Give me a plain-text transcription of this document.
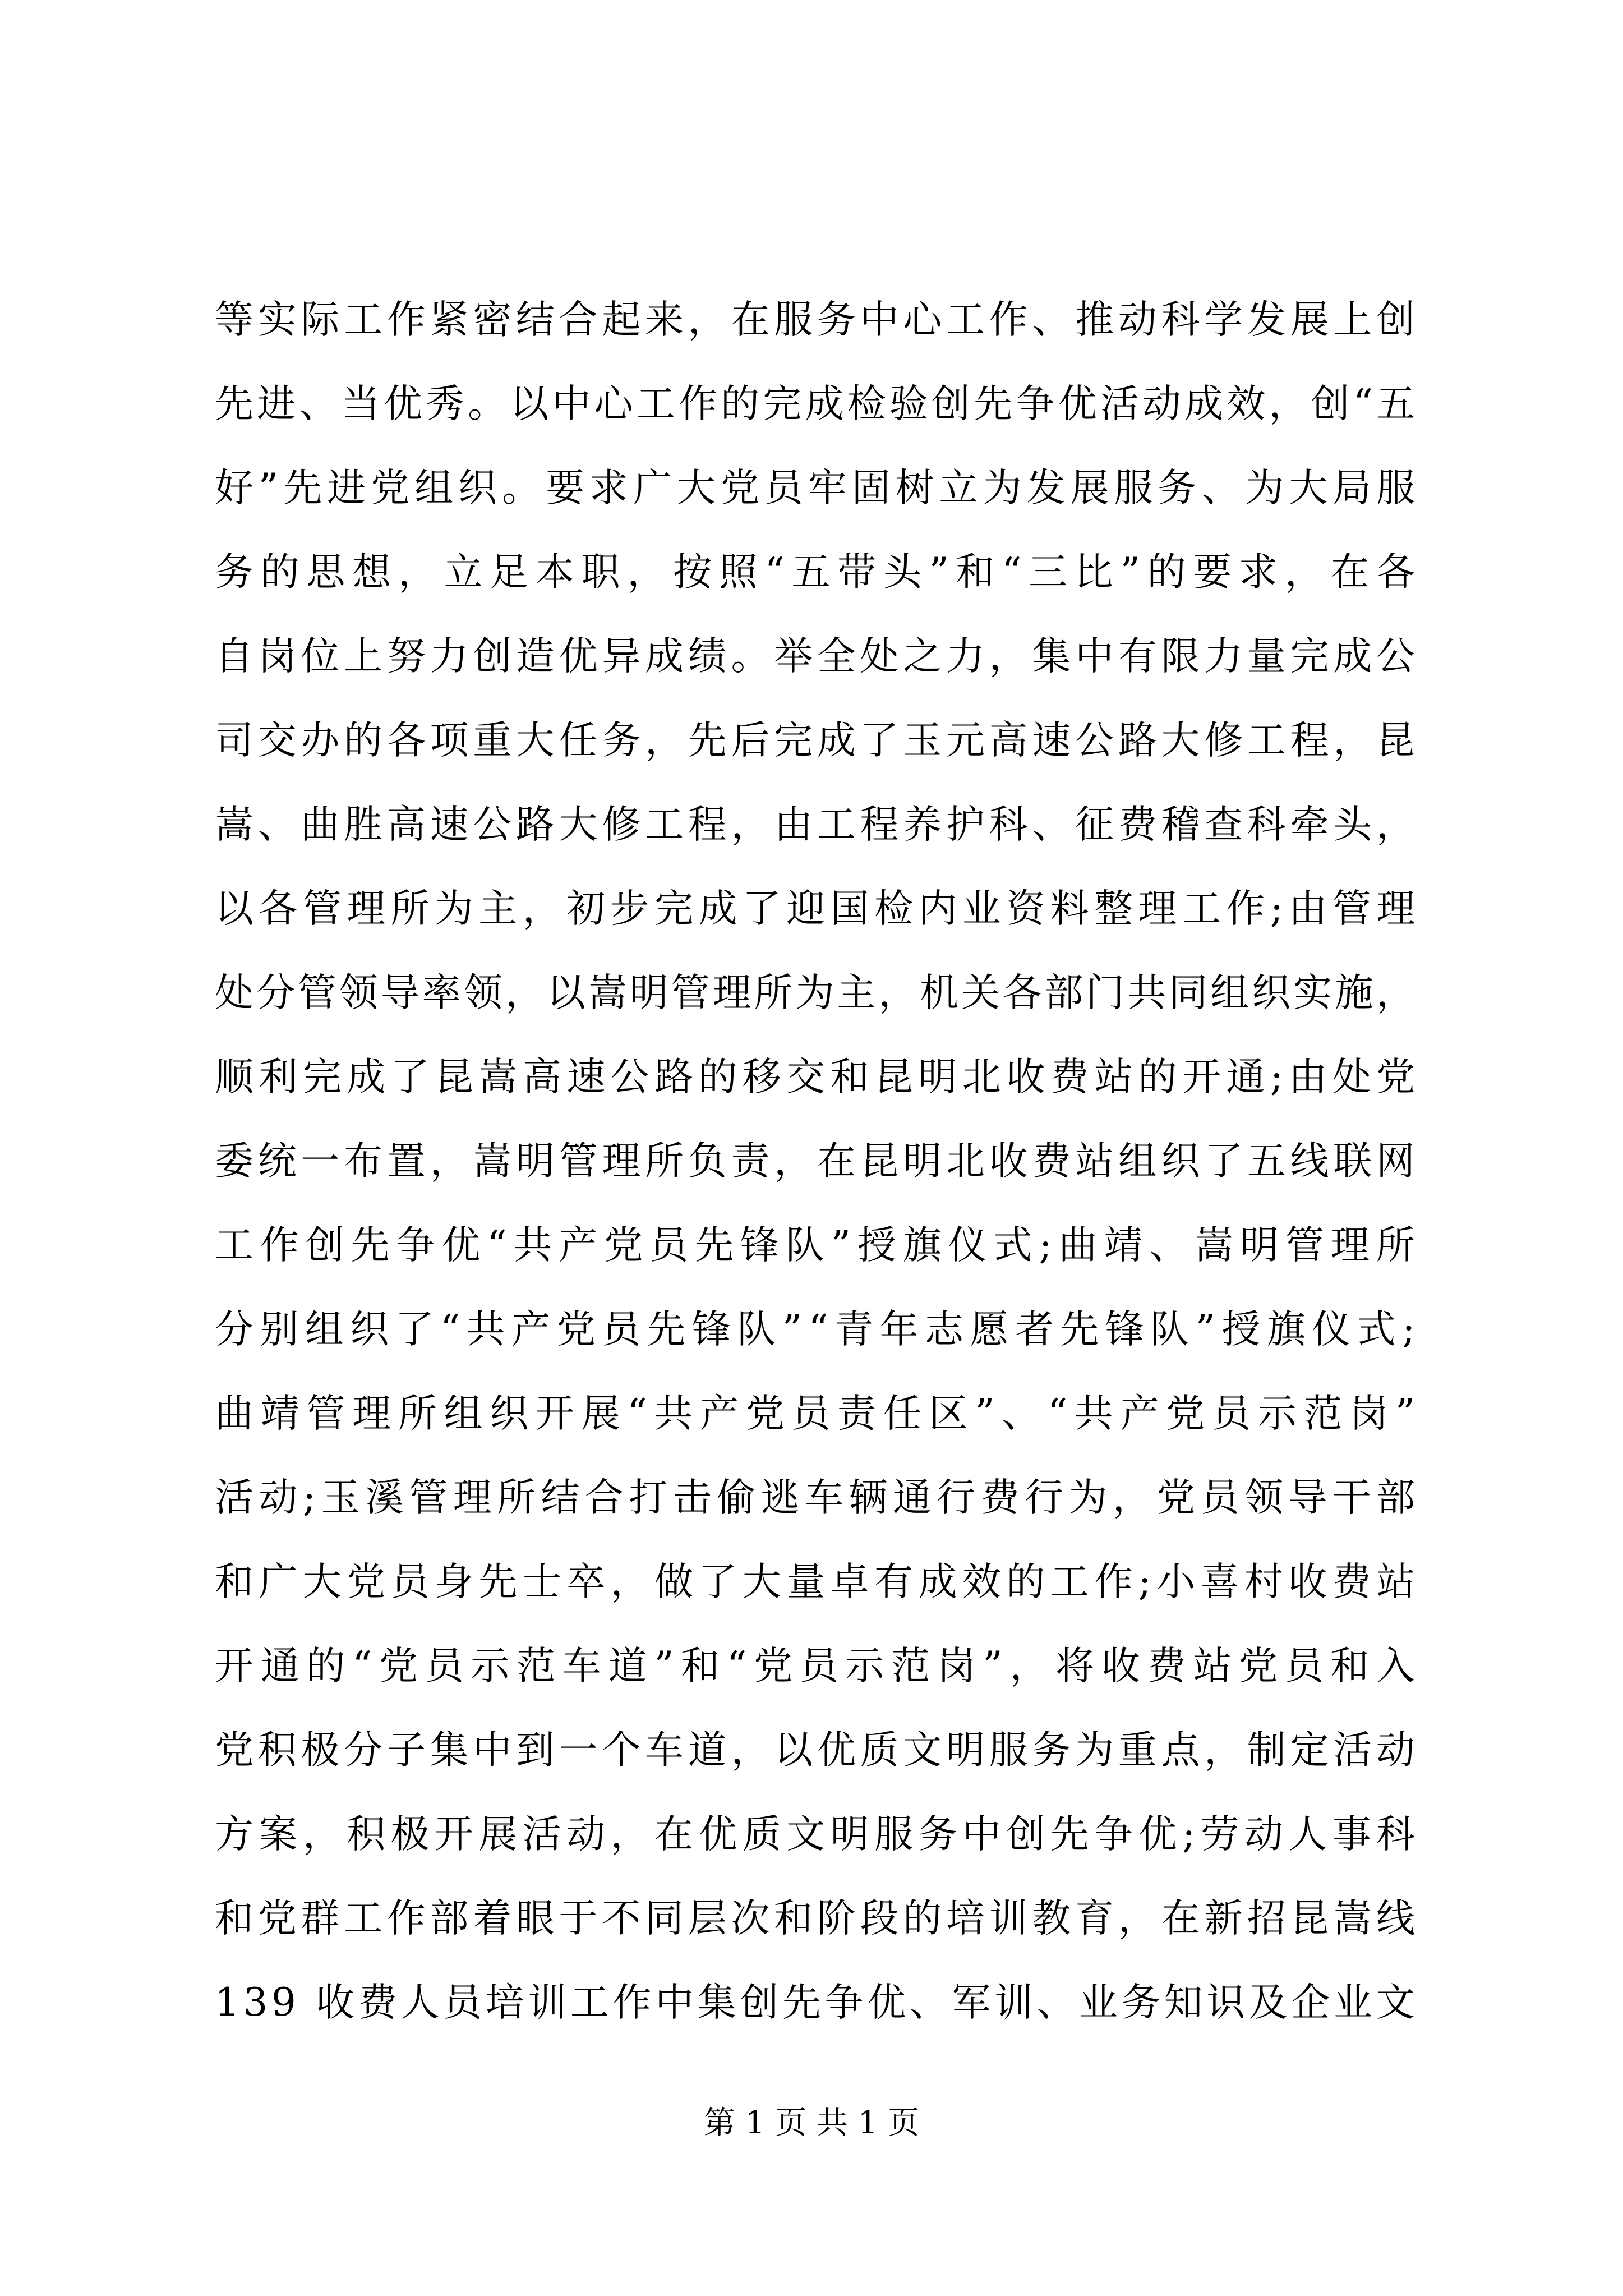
等实际工作紧密结合起来，在服务中心工作、推动科学发展上创
先进、当优秀。以中心工作的完成检验创先争优活动成效，创“五
好”先进党组织。要求广大党员牢固树立为发展服务、为大局服
务的思想，立足本职，按照“五带头”和“三比”的要求，在各
自岗位上努力创造优异成绩。举全处之力，集中有限力量完成公
司交办的各项重大任务，先后完成了玉元高速公路大修工程，昆
嵩、曲胜高速公路大修工程，由工程养护科、征费稽查科牵头，
以各管理所为主，初步完成了迎国检内业资料整理工作;由管理
处分管领导率领，以嵩明管理所为主，机关各部门共同组织实施，
顺利完成了昆嵩高速公路的移交和昆明北收费站的开通;由处党
委统一布置，嵩明管理所负责，在昆明北收费站组织了五线联网
工作创先争优“共产党员先锋队”授旗仪式;曲靖、嵩明管理所
分别组织了“共产党员先锋队”“青年志愿者先锋队”授旗仪式;
曲靖管理所组织开展“共产党员责任区”、“共产党员示范岗”
活动;玉溪管理所结合打击偷逃车辆通行费行为，党员领导干部
和广大党员身先士卒，做了大量卓有成效的工作;小喜村收费站
开通的“党员示范车道”和“党员示范岗”，将收费站党员和入
党积极分子集中到一个车道，以优质文明服务为重点，制定活动
方案，积极开展活动，在优质文明服务中创先争优;劳动人事科
和党群工作部着眼于不同层次和阶段的培训教育，在新招昆嵩线
139 收费人员培训工作中集创先争优、军训、业务知识及企业文
第 1 页 共 1 页
